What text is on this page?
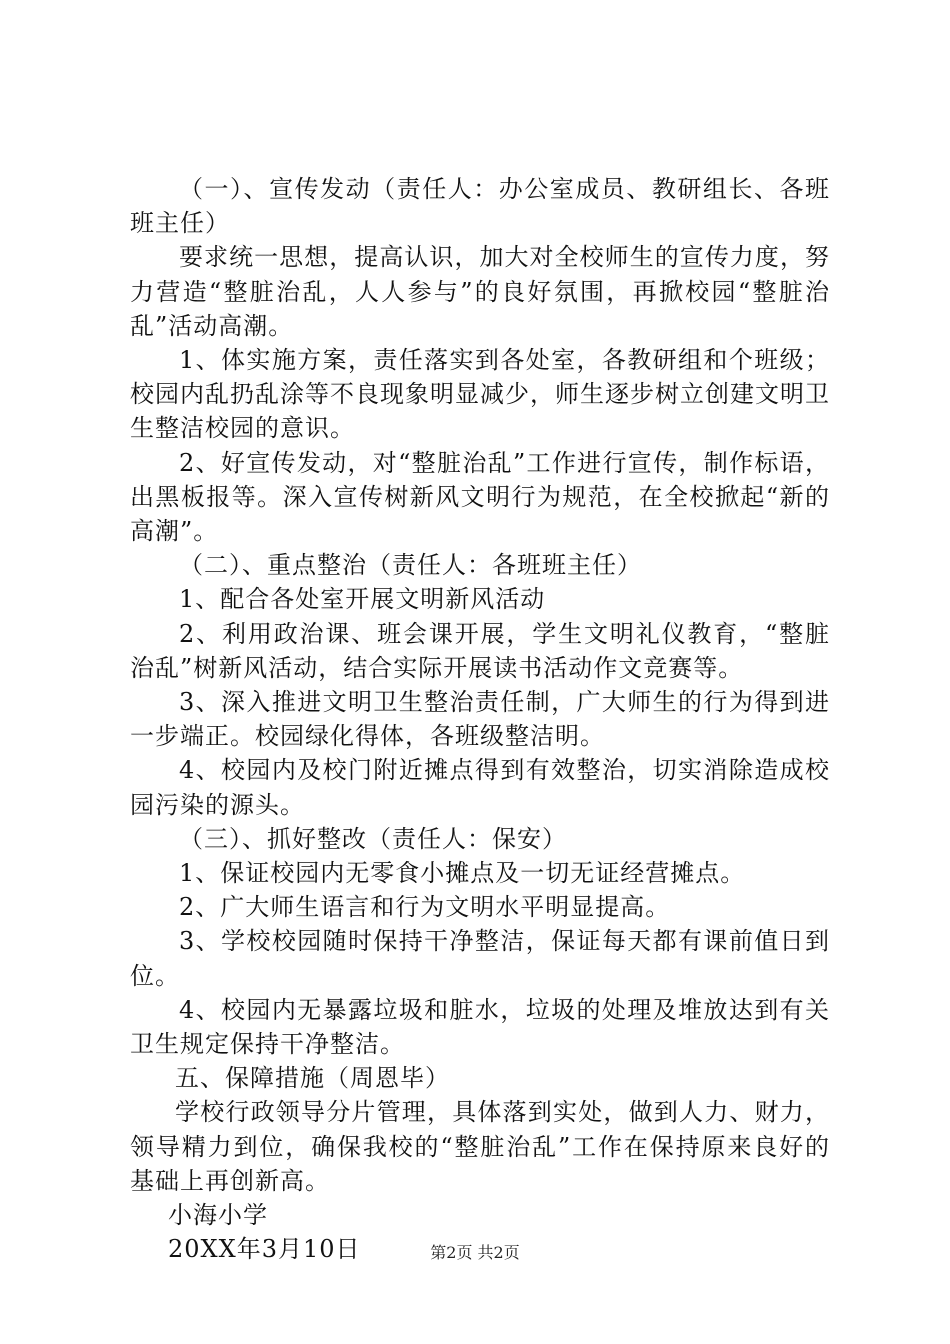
（一）、宣传发动（责任人：办公室成员、教研组长、各班班主任）

要求统一思想，提高认识，加大对全校师生的宣传力度，努力营造“整脏治乱，人人参与”的良好氛围，再掀校园“整脏治乱”活动高潮。

1、体实施方案，责任落实到各处室，各教研组和个班级；校园内乱扔乱涂等不良现象明显减少，师生逐步树立创建文明卫生整洁校园的意识。

2、好宣传发动，对“整脏治乱”工作进行宣传，制作标语，出黑板报等。深入宣传树新风文明行为规范，在全校掀起“新的高潮”。

（二）、重点整治（责任人：各班班主任）

1、配合各处室开展文明新风活动

2、利用政治课、班会课开展，学生文明礼仪教育，“整脏治乱”树新风活动，结合实际开展读书活动作文竞赛等。

3、深入推进文明卫生整治责任制，广大师生的行为得到进一步端正。校园绿化得体，各班级整洁明。

4、校园内及校门附近摊点得到有效整治，切实消除造成校园污染的源头。

（三）、抓好整改（责任人：保安）

1、保证校园内无零食小摊点及一切无证经营摊点。

2、广大师生语言和行为文明水平明显提高。

3、学校校园随时保持干净整洁，保证每天都有课前值日到位。

4、校园内无暴露垃圾和脏水，垃圾的处理及堆放达到有关卫生规定保持干净整洁。

五、保障措施（周恩毕）

学校行政领导分片管理，具体落到实处，做到人力、财力，领导精力到位，确保我校的“整脏治乱”工作在保持原来良好的基础上再创新高。

小海小学

20XX年3月10日	第2页 共2页
